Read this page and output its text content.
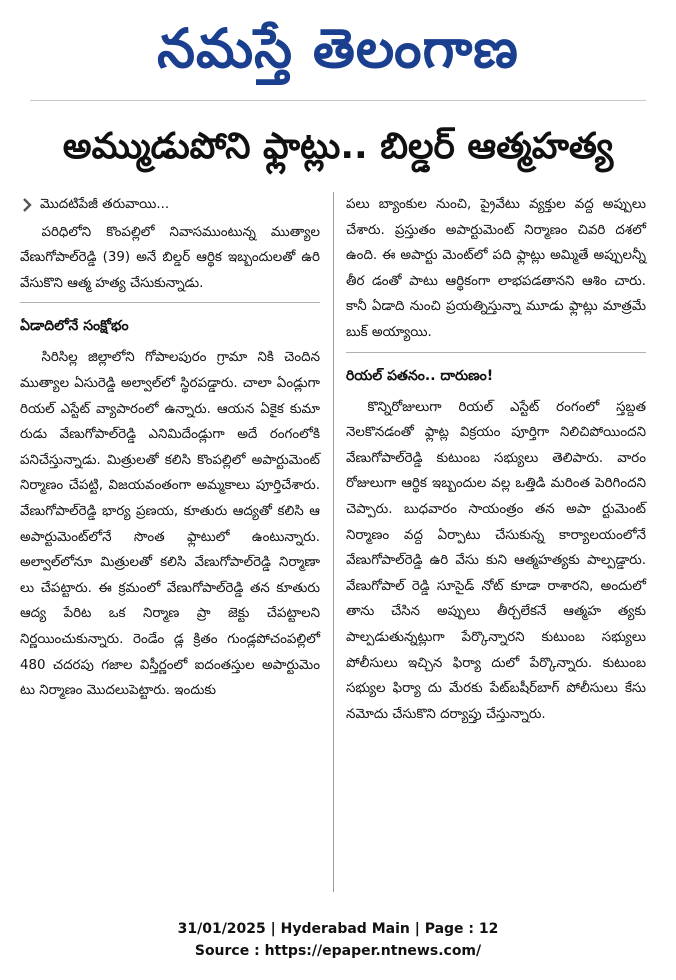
నమస్తే తెలంగాణ
అమ్ముడుపోని ఫ్లాట్లు.. బిల్డర్ ఆత్మహత్య
మొదటిపేజీ తరువాయి...

పరిధిలోని కొంపల్లిలో నివాసముంటున్న ముత్యాల వేణుగోపాల్‌రెడ్డి (39) అనే బిల్డర్ ఆర్థిక ఇబ్బందులతో ఉరి వేసుకొని ఆత్మ హత్య చేసుకున్నాడు.

ఏడాదిలోనే సంక్షోభం

సిరిసిల్ల జిల్లాలోని గోపాలపురం గ్రామా నికి చెందిన ముత్యాల ఏసురెడ్డి అల్వాల్‌లో స్థిరపడ్డారు. చాలా ఏండ్లుగా రియల్ ఎస్టేట్ వ్యాపారంలో ఉన్నారు. ఆయన ఏకైక కుమా రుడు వేణుగోపాల్‌రెడ్డి ఎనిమిదేండ్లుగా అదే రంగంలోకి పనిచేస్తున్నాడు. మిత్రులతో కలిసి కొంపల్లిలో అపార్టుమెంట్ నిర్మాణం చేపట్టి, విజయవంతంగా అమ్మకాలు పూర్తిచేశారు. వేణుగోపాల్‌రెడ్డి భార్య ప్రణయ, కూతురు ఆద్యతో కలిసి ఆ అపార్టుమెంట్‌లోనే సొంత ఫ్లాటులో ఉంటున్నారు. అల్వాల్‌లోనూ మిత్రులతో కలిసి వేణుగోపాల్‌రెడ్డి నిర్మాణా లు చేపట్టారు. ఈ క్రమంలో వేణుగోపాల్‌రెడ్డి తన కూతురు ఆద్య పేరిట ఒక నిర్మాణ ప్రా జెక్టు చేపట్టాలని నిర్ణయించుకున్నారు. రెండేం డ్ల క్రితం గుండ్లపోచంపల్లిలో 480 చదరపు గజాల విస్తీర్ణంలో ఐదంతస్తుల అపార్టుమెం టు నిర్మాణం మొదలుపెట్టారు. ఇందుకు

పలు బ్యాంకుల నుంచి, ప్రైవేటు వ్యక్తుల వద్ద అప్పులు చేశారు. ప్రస్తుతం అపార్టుమెంట్ నిర్మాణం చివరి దశలో ఉంది. ఈ అపార్టు మెంట్‌లో పది ఫ్లాట్లు అమ్మితే అప్పులన్నీ తీర డంతో పాటు ఆర్థికంగా లాభపడతానని ఆశిం చారు. కానీ ఏడాది నుంచి ప్రయత్నిస్తున్నా మూడు ఫ్లాట్లు మాత్రమే బుక్ అయ్యాయి.

రియల్ పతనం.. దారుణం!

కొన్నిరోజులుగా రియల్ ఎస్టేట్ రంగంలో స్తబ్దత నెలకొనడంతో ఫ్లాట్ల విక్రయం పూర్తిగా నిలిచిపోయిందని వేణుగోపాల్‌రెడ్డి కుటుంబ సభ్యులు తెలిపారు. వారం రోజులుగా ఆర్థిక ఇబ్బందుల వల్ల ఒత్తిడి మరింత పెరిగిందని చెప్పారు. బుధవారం సాయంత్రం తన అపా ర్టుమెంట్ నిర్మాణం వద్ద ఏర్పాటు చేసుకున్న కార్యాలయంలోనే వేణుగోపాల్‌రెడ్డి ఉరి వేసు కుని ఆత్మహత్యకు పాల్పడ్డారు. వేణుగోపాల్ రెడ్డి సూసైడ్ నోట్ కూడా రాశారని, అందులో తాను చేసిన అప్పులు తీర్చలేకనే ఆత్మహ త్యకు పాల్పడుతున్నట్లుగా పేర్కొన్నారని కుటుంబ సభ్యులు పోలీసులు ఇచ్చిన ఫిర్యా దులో పేర్కొన్నారు. కుటుంబ సభ్యుల ఫిర్యా దు మేరకు పేట్‌బషీర్‌బాగ్ పోలీసులు కేసు నమోదు చేసుకొని దర్యాప్తు చేస్తున్నారు.

31/01/2025 | Hyderabad Main | Page : 12
Source : https://epaper.ntnews.com/
